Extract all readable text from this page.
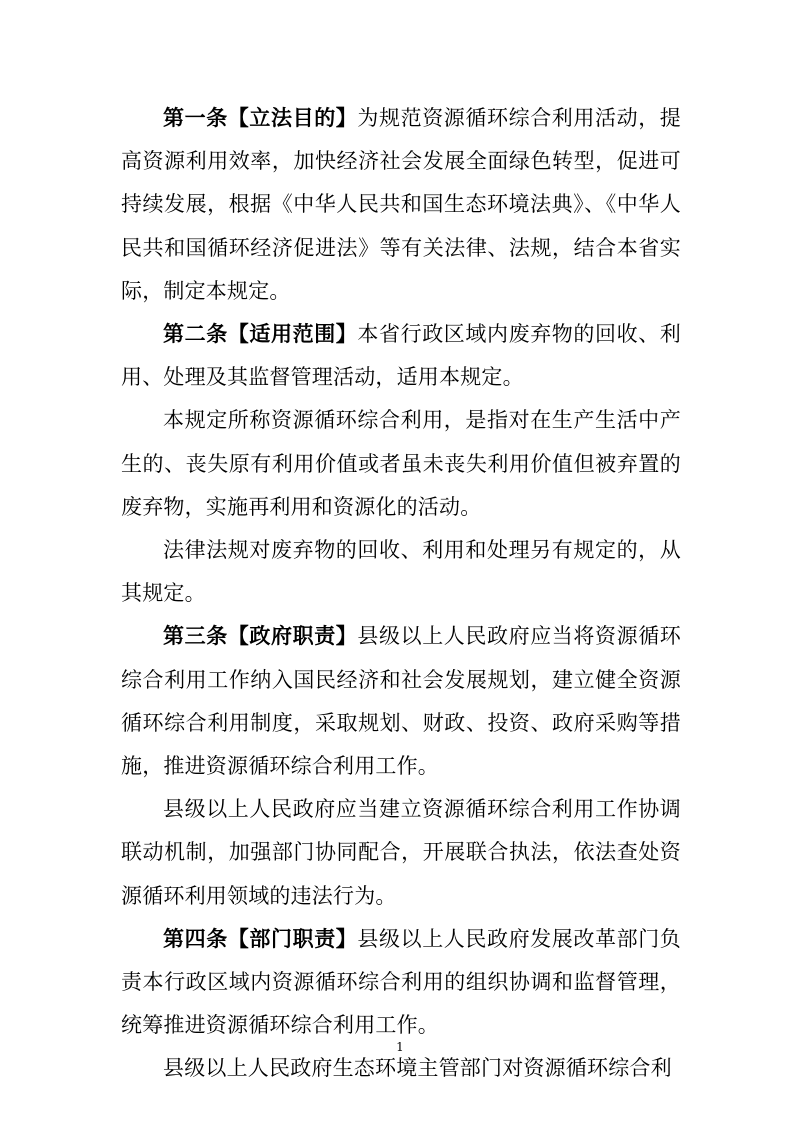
第一条【立法目的】为规范资源循环综合利用活动，提高资源利用效率，加快经济社会发展全面绿色转型，促进可持续发展，根据《中华人民共和国生态环境法典》、《中华人民共和国循环经济促进法》等有关法律、法规，结合本省实际，制定本规定。

第二条【适用范围】本省行政区域内废弃物的回收、利用、处理及其监督管理活动，适用本规定。

本规定所称资源循环综合利用，是指对在生产生活中产生的、丧失原有利用价值或者虽未丧失利用价值但被弃置的废弃物，实施再利用和资源化的活动。

法律法规对废弃物的回收、利用和处理另有规定的，从其规定。

第三条【政府职责】县级以上人民政府应当将资源循环综合利用工作纳入国民经济和社会发展规划，建立健全资源循环综合利用制度，采取规划、财政、投资、政府采购等措施，推进资源循环综合利用工作。

县级以上人民政府应当建立资源循环综合利用工作协调联动机制，加强部门协同配合，开展联合执法，依法查处资源循环利用领域的违法行为。

第四条【部门职责】县级以上人民政府发展改革部门负责本行政区域内资源循环综合利用的组织协调和监督管理，统筹推进资源循环综合利用工作。

县级以上人民政府生态环境主管部门对资源循环综合利

1
